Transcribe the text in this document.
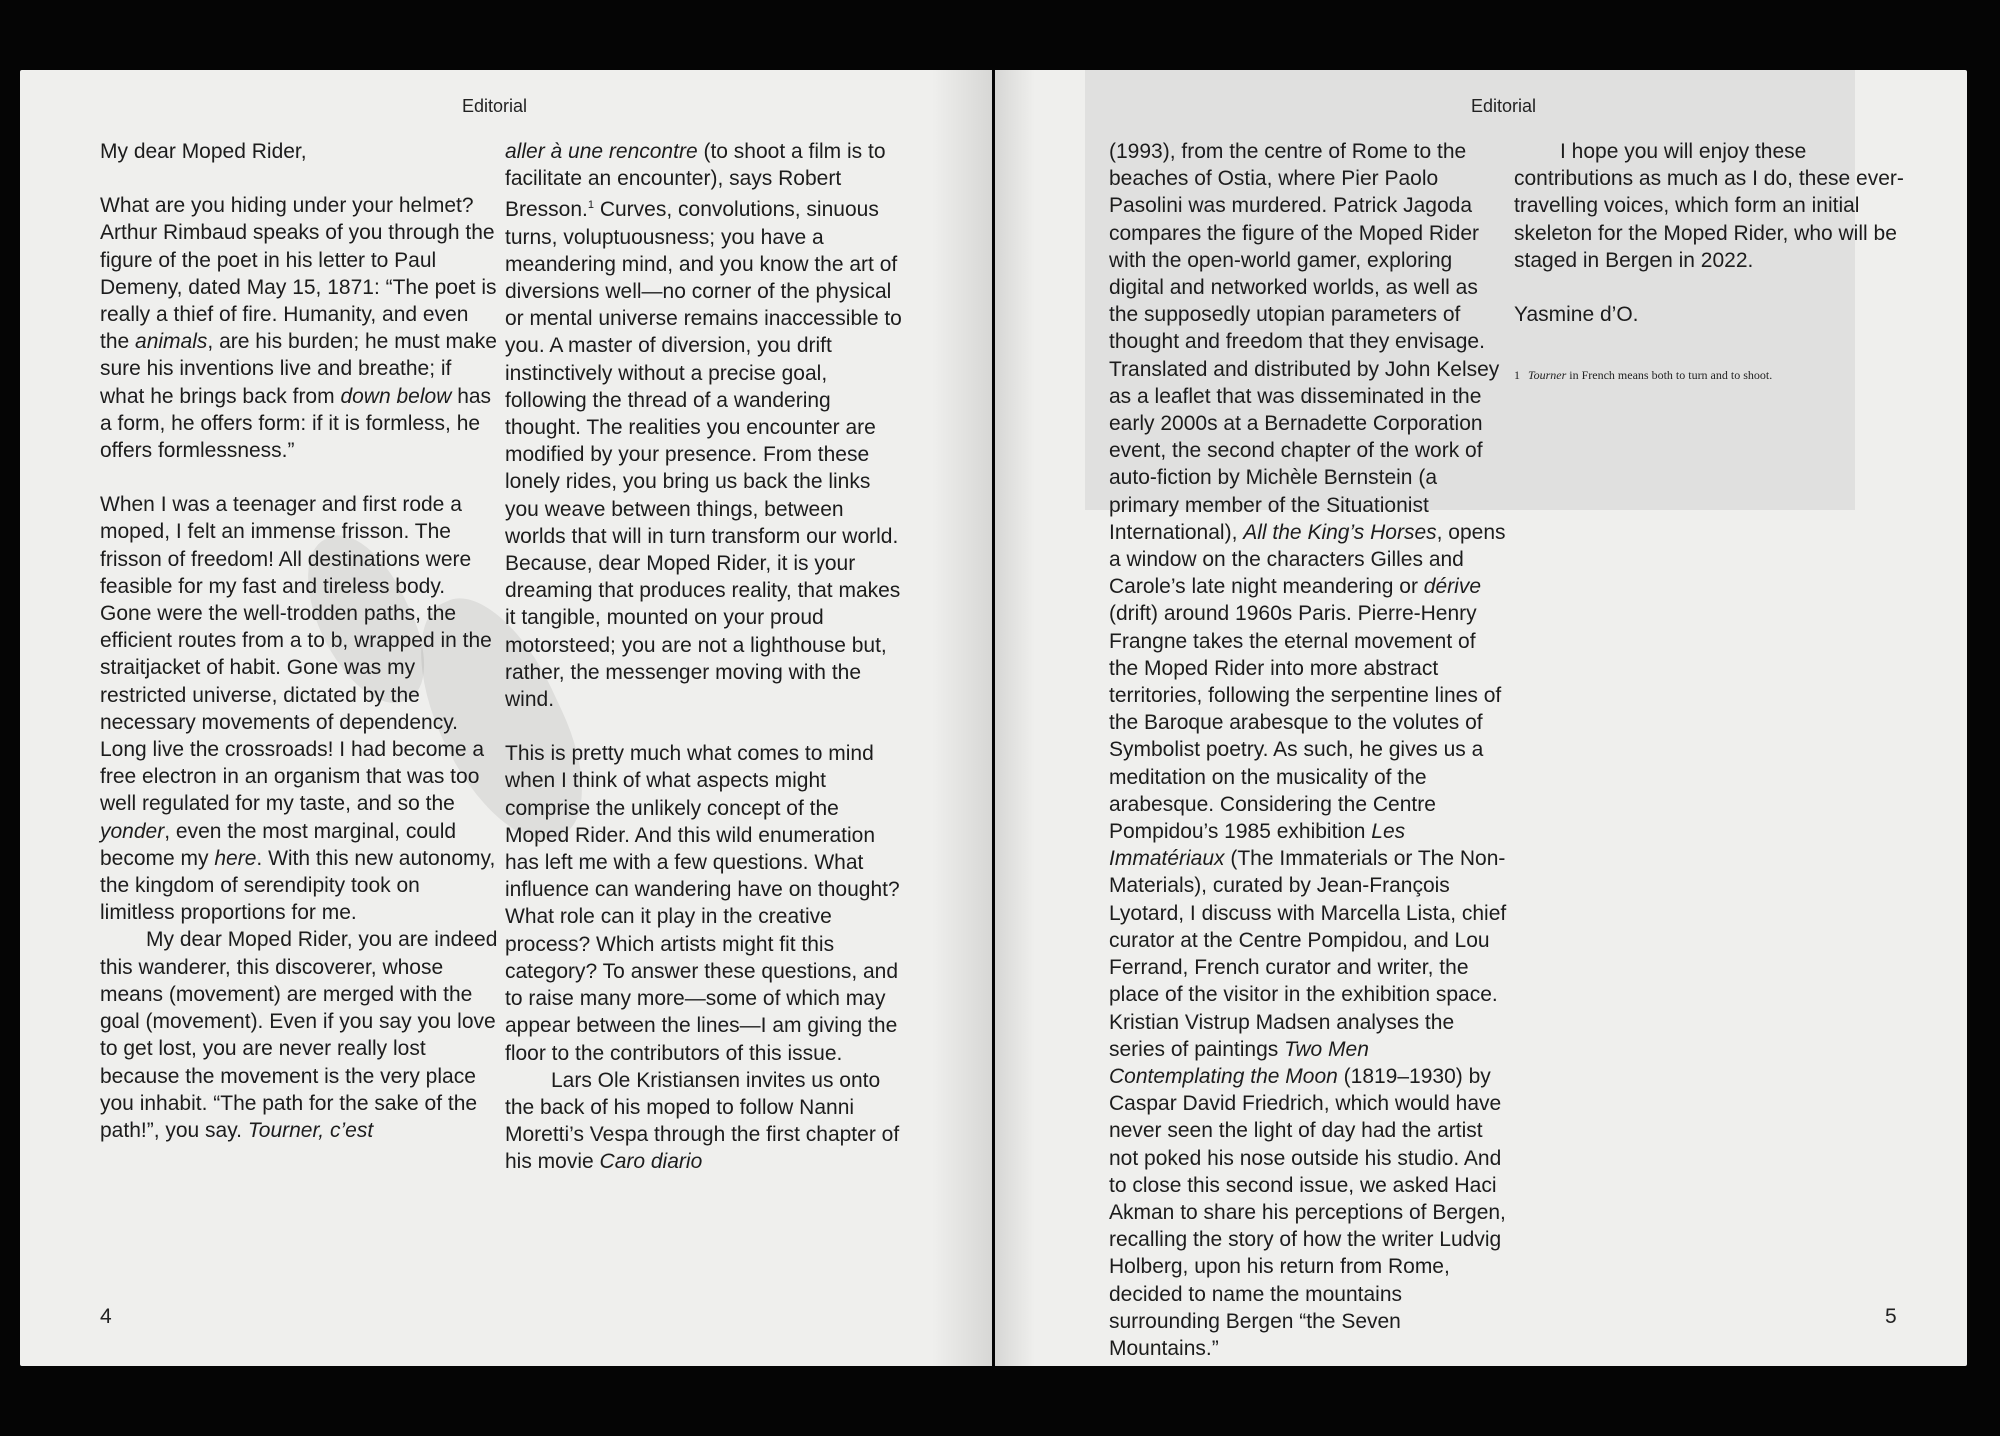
Editorial

My dear Moped Rider,

What are you hiding under your helmet? Arthur Rimbaud speaks of you through the figure of the poet in his letter to Paul Demeny, dated May 15, 1871: “The poet is really a thief of fire. Humanity, and even the animals, are his burden; he must make sure his inventions live and breathe; if what he brings back from down below has a form, he offers form: if it is formless, he offers formlessness.”

When I was a teenager and first rode a moped, I felt an immense frisson. The frisson of freedom! All destinations were feasible for my fast and tireless body. Gone were the well-trodden paths, the efficient routes from a to b, wrapped in the straitjacket of habit. Gone was my restricted universe, dictated by the necessary movements of dependency. Long live the crossroads! I had become a free electron in an organism that was too well regulated for my taste, and so the yonder, even the most marginal, could become my here. With this new autonomy, the kingdom of serendipity took on limitless proportions for me.

My dear Moped Rider, you are indeed this wanderer, this discoverer, whose means (movement) are merged with the goal (movement). Even if you say you love to get lost, you are never really lost because the movement is the very place you inhabit. “The path for the sake of the path!”, you say. Tourner, c’est

aller à une rencontre (to shoot a film is to facilitate an encounter), says Robert Bresson.$^1$ Curves, convolutions, sinuous turns, voluptuousness; you have a meandering mind, and you know the art of diversions well—no corner of the physical or mental universe remains inaccessible to you. A master of diversion, you drift instinctively without a precise goal, following the thread of a wandering thought. The realities you encounter are modified by your presence. From these lonely rides, you bring us back the links you weave between things, between worlds that will in turn transform our world. Because, dear Moped Rider, it is your dreaming that produces reality, that makes it tangible, mounted on your proud motorsteed; you are not a lighthouse but, rather, the messenger moving with the wind.

This is pretty much what comes to mind when I think of what aspects might comprise the unlikely concept of the Moped Rider. And this wild enumeration has left me with a few questions. What influence can wandering have on thought? What role can it play in the creative process? Which artists might fit this category? To answer these questions, and to raise many more—some of which may appear between the lines—I am giving the floor to the contributors of this issue.

Lars Ole Kristiansen invites us onto the back of his moped to follow Nanni Moretti’s Vespa through the first chapter of his movie Caro diario

4
Editorial

(1993), from the centre of Rome to the beaches of Ostia, where Pier Paolo Pasolini was murdered. Patrick Jagoda compares the figure of the Moped Rider with the open-world gamer, exploring digital and networked worlds, as well as the supposedly utopian parameters of thought and freedom that they envisage. Translated and distributed by John Kelsey as a leaflet that was disseminated in the early 2000s at a Bernadette Corporation event, the second chapter of the work of auto-fiction by Michèle Bernstein (a primary member of the Situationist International), All the King’s Horses, opens a window on the characters Gilles and Carole’s late night meandering or dérive (drift) around 1960s Paris. Pierre-Henry Frangne takes the eternal movement of the Moped Rider into more abstract territories, following the serpentine lines of the Baroque arabesque to the volutes of Symbolist poetry. As such, he gives us a meditation on the musicality of the arabesque. Considering the Centre Pompidou’s 1985 exhibition Les Immatériaux (The Immaterials or The Non-Materials), curated by Jean-François Lyotard, I discuss with Marcella Lista, chief curator at the Centre Pompidou, and Lou Ferrand, French curator and writer, the place of the visitor in the exhibition space. Kristian Vistrup Madsen analyses the series of paintings Two Men Contemplating the Moon (1819–1930) by Caspar David Friedrich, which would have never seen the light of day had the artist not poked his nose outside his studio. And to close this second issue, we asked Haci Akman to share his perceptions of Bergen, recalling the story of how the writer Ludvig Holberg, upon his return from Rome, decided to name the mountains surrounding Bergen “the Seven Mountains.”

I hope you will enjoy these contributions as much as I do, these ever-travelling voices, which form an initial skeleton for the Moped Rider, who will be staged in Bergen in 2022.

Yasmine d’O.

1 Tourner in French means both to turn and to shoot.
5
